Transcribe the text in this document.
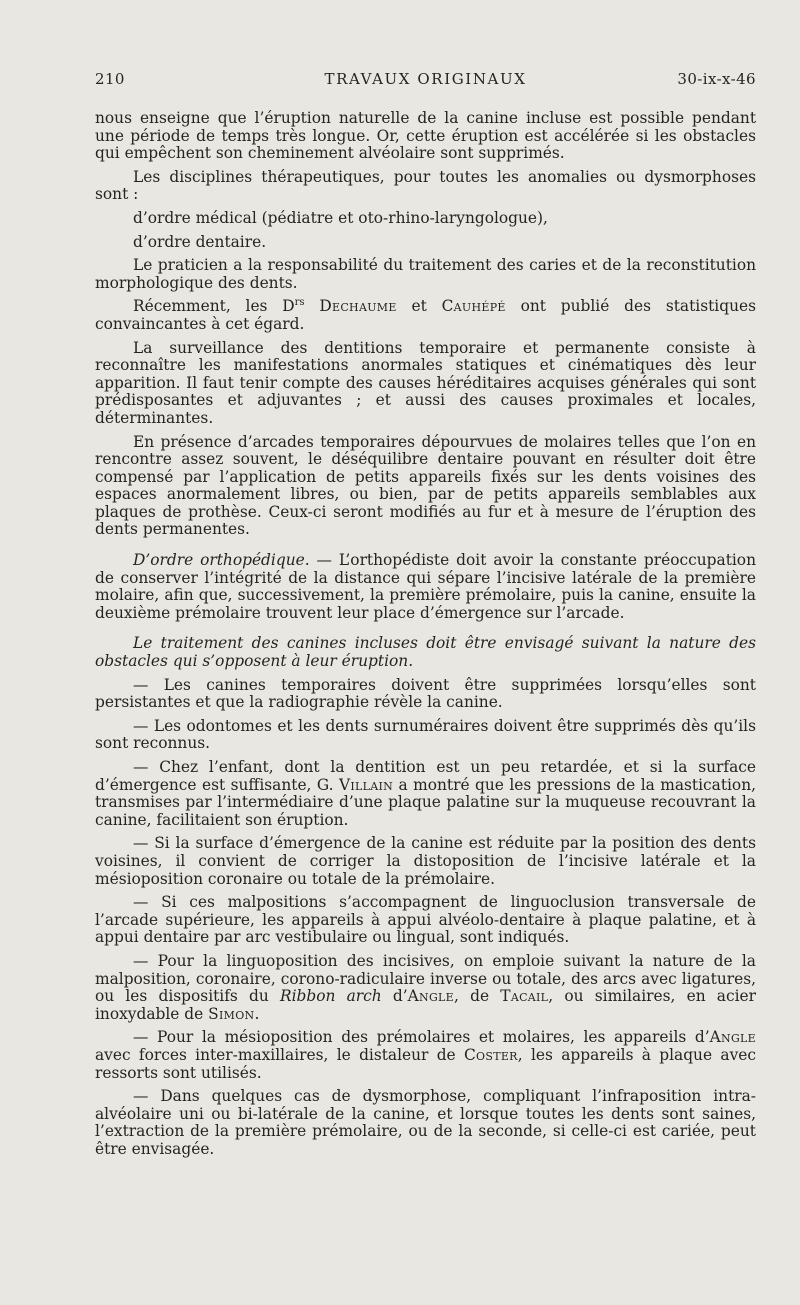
210	TRAVAUX ORIGINAUX	30-ix-x-46

nous enseigne que l’éruption naturelle de la canine incluse est possible pendant une période de temps très longue. Or, cette éruption est accélérée si les obstacles qui empêchent son cheminement alvéolaire sont supprimés.

Les disciplines thérapeutiques, pour toutes les anomalies ou dysmorphoses sont :

d’ordre médical (pédiatre et oto-rhino-laryngologue),

d’ordre dentaire.

Le praticien a la responsabilité du traitement des caries et de la reconstitution morphologique des dents.

Récemment, les $D^{rs}$ Dechaume et Cauhépé ont publié des statistiques convaincantes à cet égard.

La surveillance des dentitions temporaire et permanente consiste à reconnaître les manifestations anormales statiques et cinématiques dès leur apparition. Il faut tenir compte des causes héréditaires acquises générales qui sont prédisposantes et adjuvantes ; et aussi des causes proximales et locales, déterminantes.

En présence d’arcades temporaires dépourvues de molaires telles que l’on en rencontre assez souvent, le déséquilibre dentaire pouvant en résulter doit être compensé par l’application de petits appareils fixés sur les dents voisines des espaces anormalement libres, ou bien, par de petits appareils semblables aux plaques de prothèse. Ceux-ci seront modifiés au fur et à mesure de l’éruption des dents permanentes.

D’ordre orthopédique. — L’orthopédiste doit avoir la constante préoccupation de conserver l’intégrité de la distance qui sépare l’incisive latérale de la première molaire, afin que, successivement, la première prémolaire, puis la canine, ensuite la deuxième prémolaire trouvent leur place d’émergence sur l’arcade.

Le traitement des canines incluses doit être envisagé suivant la nature des obstacles qui s’opposent à leur éruption.

— Les canines temporaires doivent être supprimées lorsqu’elles sont persistantes et que la radiographie révèle la canine.

— Les odontomes et les dents surnuméraires doivent être supprimés dès qu’ils sont reconnus.

— Chez l’enfant, dont la dentition est un peu retardée, et si la surface d’émergence est suffisante, G. Villain a montré que les pressions de la mastication, transmises par l’intermédiaire d’une plaque palatine sur la muqueuse recouvrant la canine, facilitaient son éruption.

— Si la surface d’émergence de la canine est réduite par la position des dents voisines, il convient de corriger la distoposition de l’incisive latérale et la mésioposition coronaire ou totale de la prémolaire.

— Si ces malpositions s’accompagnent de linguoclusion transversale de l’arcade supérieure, les appareils à appui alvéolo-dentaire à plaque palatine, et à appui dentaire par arc vestibulaire ou lingual, sont indiqués.

— Pour la linguoposition des incisives, on emploie suivant la nature de la malposition, coronaire, corono-radiculaire inverse ou totale, des arcs avec ligatures, ou les dispositifs du Ribbon arch d’Angle, de Tacail, ou similaires, en acier inoxydable de Simon.

— Pour la mésioposition des prémolaires et molaires, les appareils d’Angle avec forces inter-maxillaires, le distaleur de Coster, les appareils à plaque avec ressorts sont utilisés.

— Dans quelques cas de dysmorphose, compliquant l’infraposition intra-alvéolaire uni ou bi-latérale de la canine, et lorsque toutes les dents sont saines, l’extraction de la première prémolaire, ou de la seconde, si celle-ci est cariée, peut être envisagée.
